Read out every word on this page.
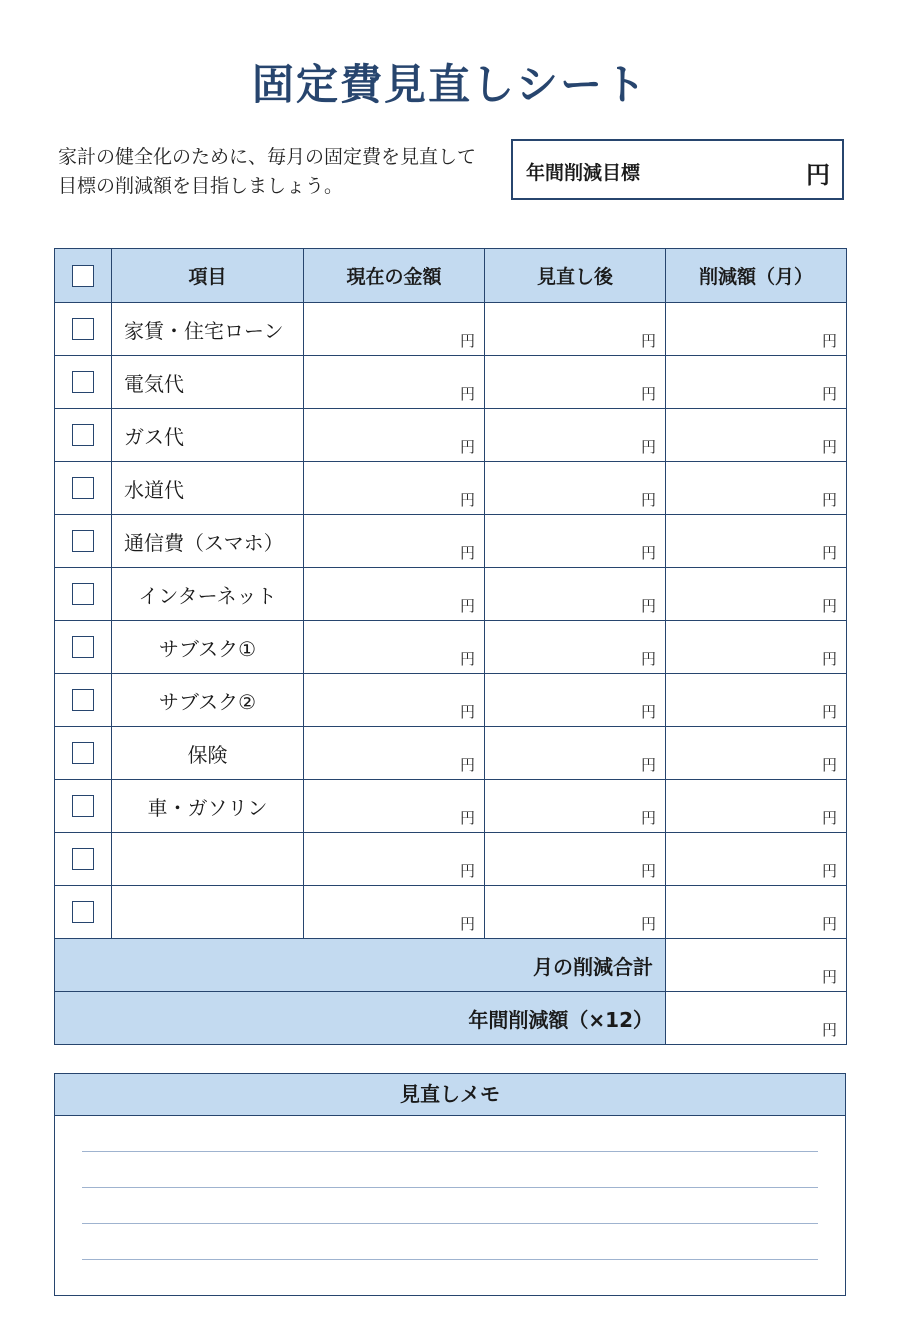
固定費見直しシート
家計の健全化のために、毎月の固定費を見直して目標の削減額を目指しましょう。
年間削減目標	円
	項目	現在の金額	見直し後	削減額（月）

	家賃・住宅ローン	円	円	円

	電気代	円	円	円

	ガス代	円	円	円

	水道代	円	円	円

	通信費（スマホ）	円	円	円

	インターネット	円	円	円

	サブスク①	円	円	円

	サブスク②	円	円	円

	保険	円	円	円

	車・ガソリン	円	円	円

		円	円	円

		円	円	円

月の削減合計				円

年間削減額（×12）				円
見直しメモ
